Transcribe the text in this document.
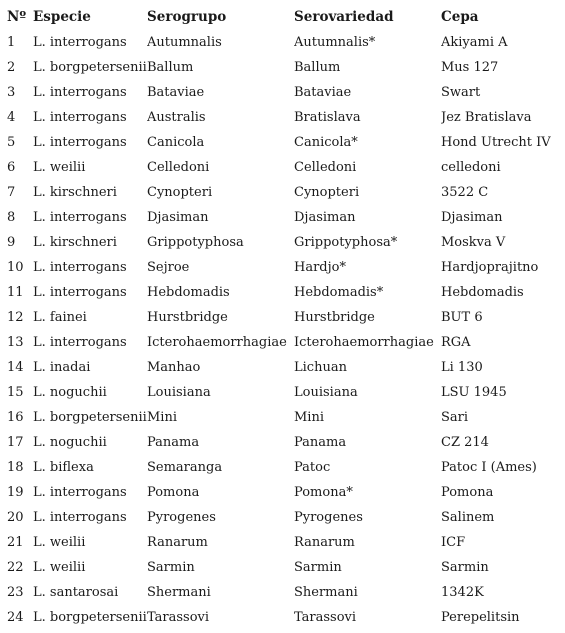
Nº	Especie	Serogrupo	Serovariedad	Cepa
1	L. interrogans	Autumnalis	Autumnalis*	Akiyami A
2	L. borgpetersenii	Ballum	Ballum	Mus 127
3	L. interrogans	Bataviae	Bataviae	Swart
4	L. interrogans	Australis	Bratislava	Jez Bratislava
5	L. interrogans	Canicola	Canicola*	Hond Utrecht IV
6	L. weilii	Celledoni	Celledoni	celledoni
7	L. kirschneri	Cynopteri	Cynopteri	3522 C
8	L. interrogans	Djasiman	Djasiman	Djasiman
9	L. kirschneri	Grippotyphosa	Grippotyphosa*	Moskva V
10	L. interrogans	Sejroe	Hardjo*	Hardjoprajitno
11	L. interrogans	Hebdomadis	Hebdomadis*	Hebdomadis
12	L. fainei	Hurstbridge	Hurstbridge	BUT 6
13	L. interrogans	Icterohaemorrhagiae	Icterohaemorrhagiae	RGA
14	L. inadai	Manhao	Lichuan	Li 130
15	L. noguchii	Louisiana	Louisiana	LSU 1945
16	L. borgpetersenii	Mini	Mini	Sari
17	L. noguchii	Panama	Panama	CZ 214
18	L. biflexa	Semaranga	Patoc	Patoc I (Ames)
19	L. interrogans	Pomona	Pomona*	Pomona
20	L. interrogans	Pyrogenes	Pyrogenes	Salinem
21	L. weilii	Ranarum	Ranarum	ICF
22	L. weilii	Sarmin	Sarmin	Sarmin
23	L. santarosai	Shermani	Shermani	1342K
24	L. borgpetersenii	Tarassovi	Tarassovi	Perepelitsin
